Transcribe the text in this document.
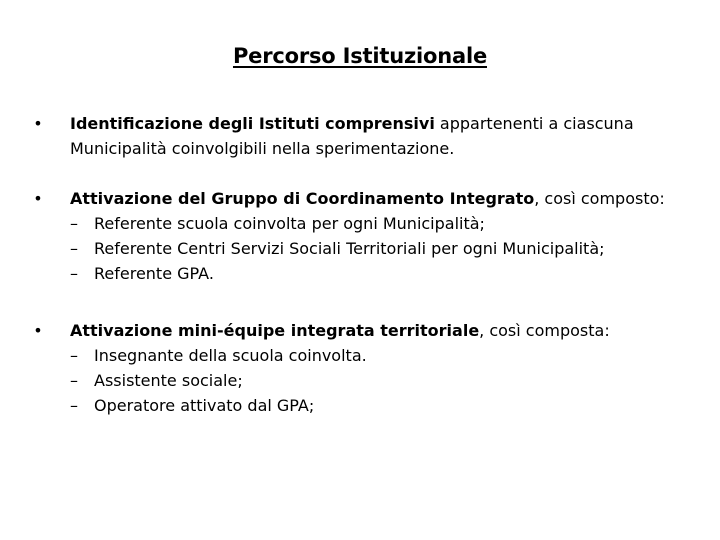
Percorso Istituzionale
• Identificazione degli Istituti comprensivi appartenenti a ciascuna
Municipalità coinvolgibili nella sperimentazione.
• Attivazione del Gruppo di Coordinamento Integrato, così composto:
– Referente scuola coinvolta per ogni Municipalità;
– Referente Centri Servizi Sociali Territoriali per ogni Municipalità;
– Referente GPA.
• Attivazione mini-équipe integrata territoriale, così composta:
– Insegnante della scuola coinvolta.
– Assistente sociale;
– Operatore attivato dal GPA;
